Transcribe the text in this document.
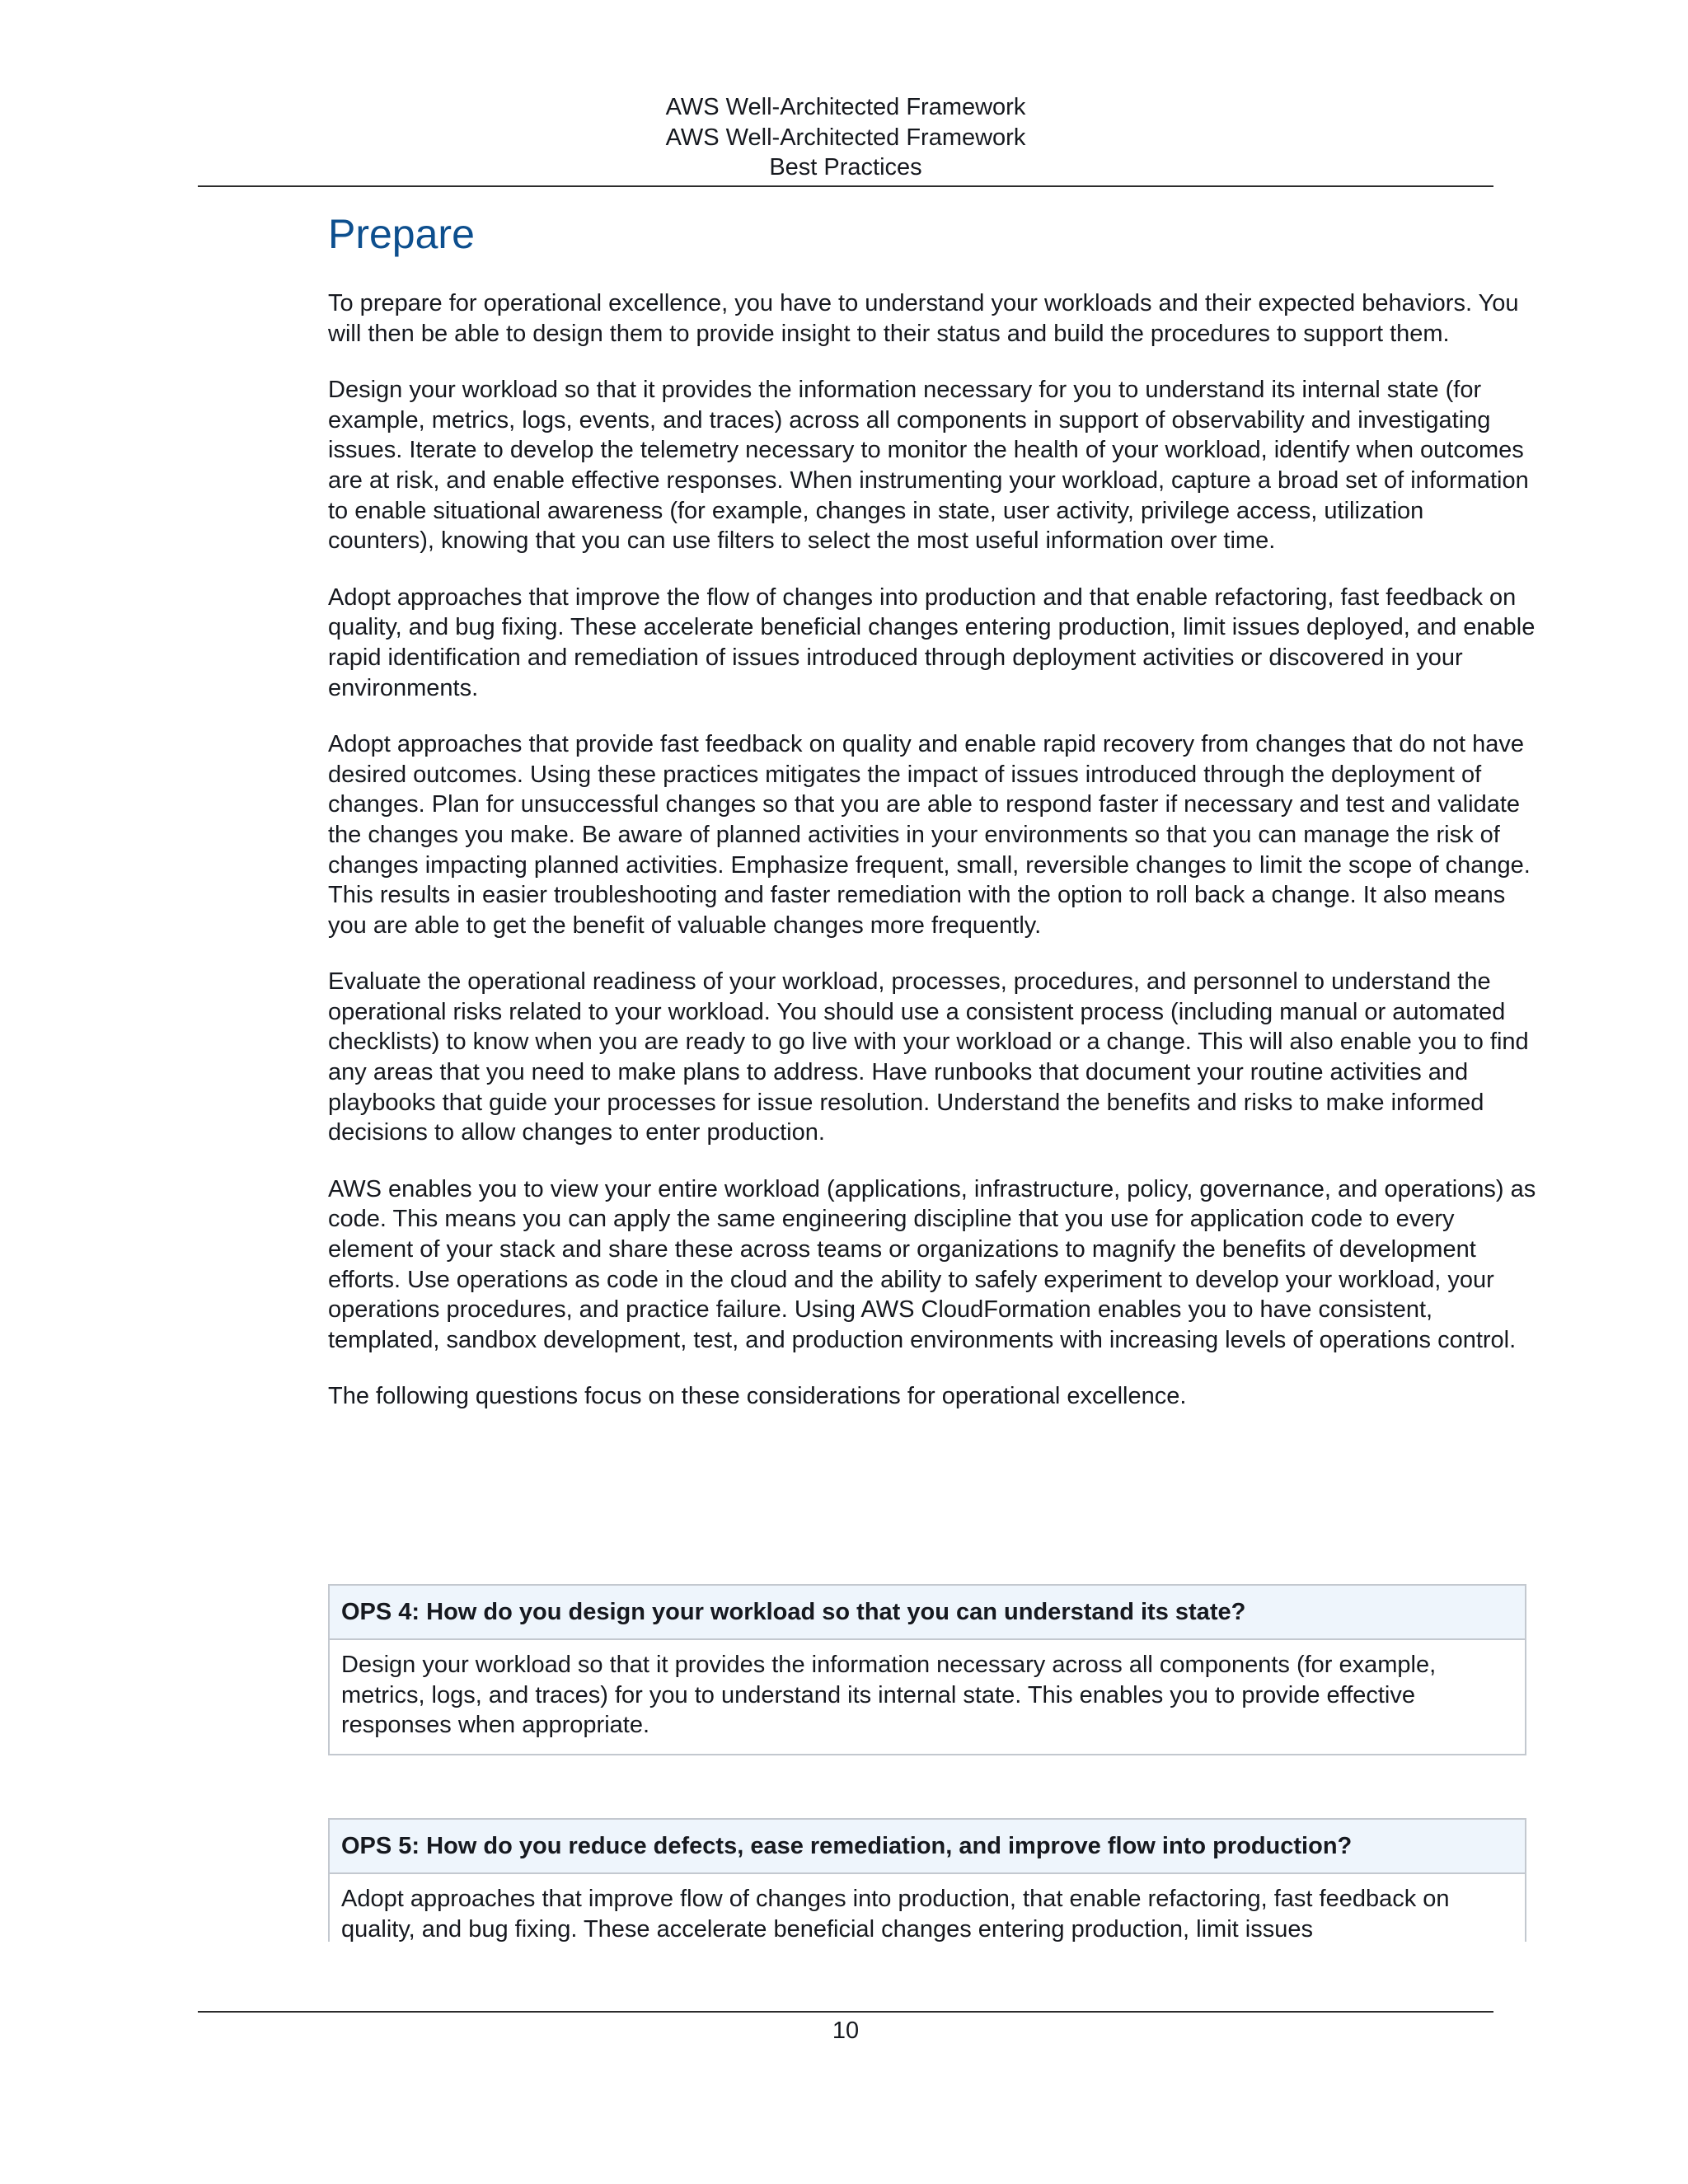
AWS Well-Architected Framework
AWS Well-Architected Framework
Best Practices
Prepare

To prepare for operational excellence, you have to understand your workloads and their expected behaviors. You will then be able to design them to provide insight to their status and build the procedures to support them.

Design your workload so that it provides the information necessary for you to understand its internal state (for example, metrics, logs, events, and traces) across all components in support of observability and investigating issues. Iterate to develop the telemetry necessary to monitor the health of your workload, identify when outcomes are at risk, and enable effective responses. When instrumenting your workload, capture a broad set of information to enable situational awareness (for example, changes in state, user activity, privilege access, utilization counters), knowing that you can use filters to select the most useful information over time.

Adopt approaches that improve the flow of changes into production and that enable refactoring, fast feedback on quality, and bug fixing. These accelerate beneficial changes entering production, limit issues deployed, and enable rapid identification and remediation of issues introduced through deployment activities or discovered in your environments.

Adopt approaches that provide fast feedback on quality and enable rapid recovery from changes that do not have desired outcomes. Using these practices mitigates the impact of issues introduced through the deployment of changes. Plan for unsuccessful changes so that you are able to respond faster if necessary and test and validate the changes you make. Be aware of planned activities in your environments so that you can manage the risk of changes impacting planned activities. Emphasize frequent, small, reversible changes to limit the scope of change. This results in easier troubleshooting and faster remediation with the option to roll back a change. It also means you are able to get the benefit of valuable changes more frequently.

Evaluate the operational readiness of your workload, processes, procedures, and personnel to understand the operational risks related to your workload. You should use a consistent process (including manual or automated checklists) to know when you are ready to go live with your workload or a change. This will also enable you to find any areas that you need to make plans to address. Have runbooks that document your routine activities and playbooks that guide your processes for issue resolution. Understand the benefits and risks to make informed decisions to allow changes to enter production.

AWS enables you to view your entire workload (applications, infrastructure, policy, governance, and operations) as code. This means you can apply the same engineering discipline that you use for application code to every element of your stack and share these across teams or organizations to magnify the benefits of development efforts. Use operations as code in the cloud and the ability to safely experiment to develop your workload, your operations procedures, and practice failure. Using AWS CloudFormation enables you to have consistent, templated, sandbox development, test, and production environments with increasing levels of operations control.

The following questions focus on these considerations for operational excellence.

OPS 4: How do you design your workload so that you can understand its state?
Design your workload so that it provides the information necessary across all components (for example, metrics, logs, and traces) for you to understand its internal state. This enables you to provide effective responses when appropriate.
OPS 5: How do you reduce defects, ease remediation, and improve flow into production?
Adopt approaches that improve flow of changes into production, that enable refactoring, fast feedback on quality, and bug fixing. These accelerate beneficial changes entering production, limit issues
10
